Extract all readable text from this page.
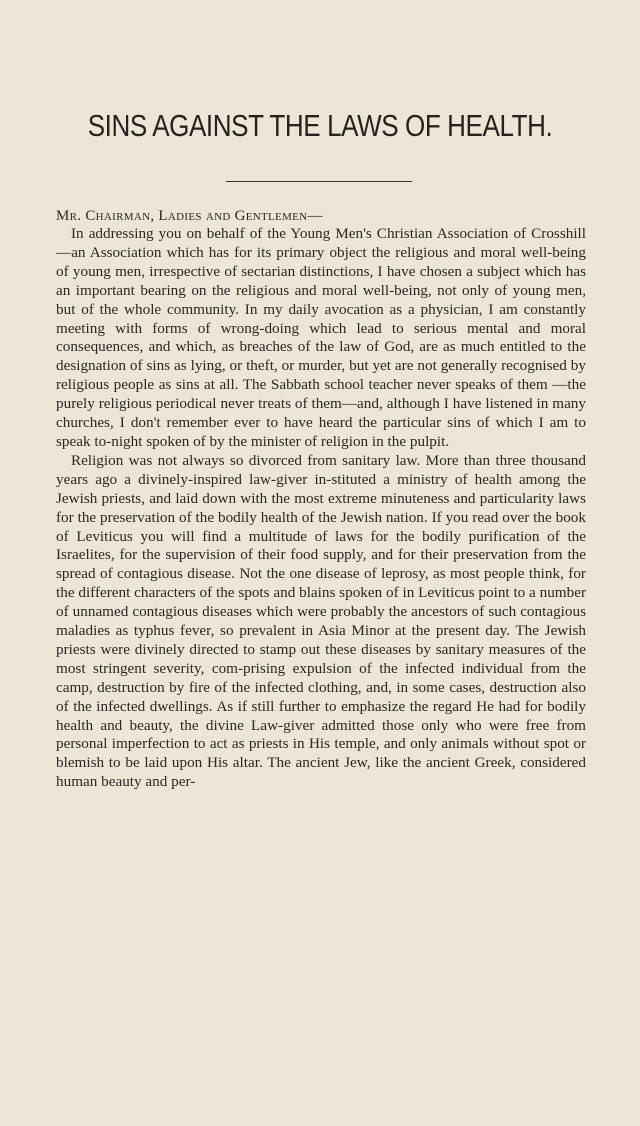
SINS AGAINST THE LAWS OF HEALTH.
Mr. Chairman, Ladies and Gentlemen—

In addressing you on behalf of the Young Men's Christian Association of Crosshill—an Association which has for its primary object the religious and moral well-being of young men, irrespective of sectarian distinctions, I have chosen a subject which has an important bearing on the religious and moral well-being, not only of young men, but of the whole community. In my daily avocation as a physician, I am constantly meeting with forms of wrong-doing which lead to serious mental and moral consequences, and which, as breaches of the law of God, are as much entitled to the designation of sins as lying, or theft, or murder, but yet are not generally recognised by religious people as sins at all. The Sabbath school teacher never speaks of them —the purely religious periodical never treats of them—and, although I have listened in many churches, I don't remember ever to have heard the particular sins of which I am to speak to-night spoken of by the minister of religion in the pulpit.

Religion was not always so divorced from sanitary law. More than three thousand years ago a divinely-inspired law-giver in-stituted a ministry of health among the Jewish priests, and laid down with the most extreme minuteness and particularity laws for the preservation of the bodily health of the Jewish nation. If you read over the book of Leviticus you will find a multitude of laws for the bodily purification of the Israelites, for the supervision of their food supply, and for their preservation from the spread of contagious disease. Not the one disease of leprosy, as most people think, for the different characters of the spots and blains spoken of in Leviticus point to a number of unnamed contagious diseases which were probably the ancestors of such contagious maladies as typhus fever, so prevalent in Asia Minor at the present day. The Jewish priests were divinely directed to stamp out these diseases by sanitary measures of the most stringent severity, com-prising expulsion of the infected individual from the camp, destruction by fire of the infected clothing, and, in some cases, destruction also of the infected dwellings. As if still further to emphasize the regard He had for bodily health and beauty, the divine Law-giver admitted those only who were free from personal imperfection to act as priests in His temple, and only animals without spot or blemish to be laid upon His altar. The ancient Jew, like the ancient Greek, considered human beauty and per-
